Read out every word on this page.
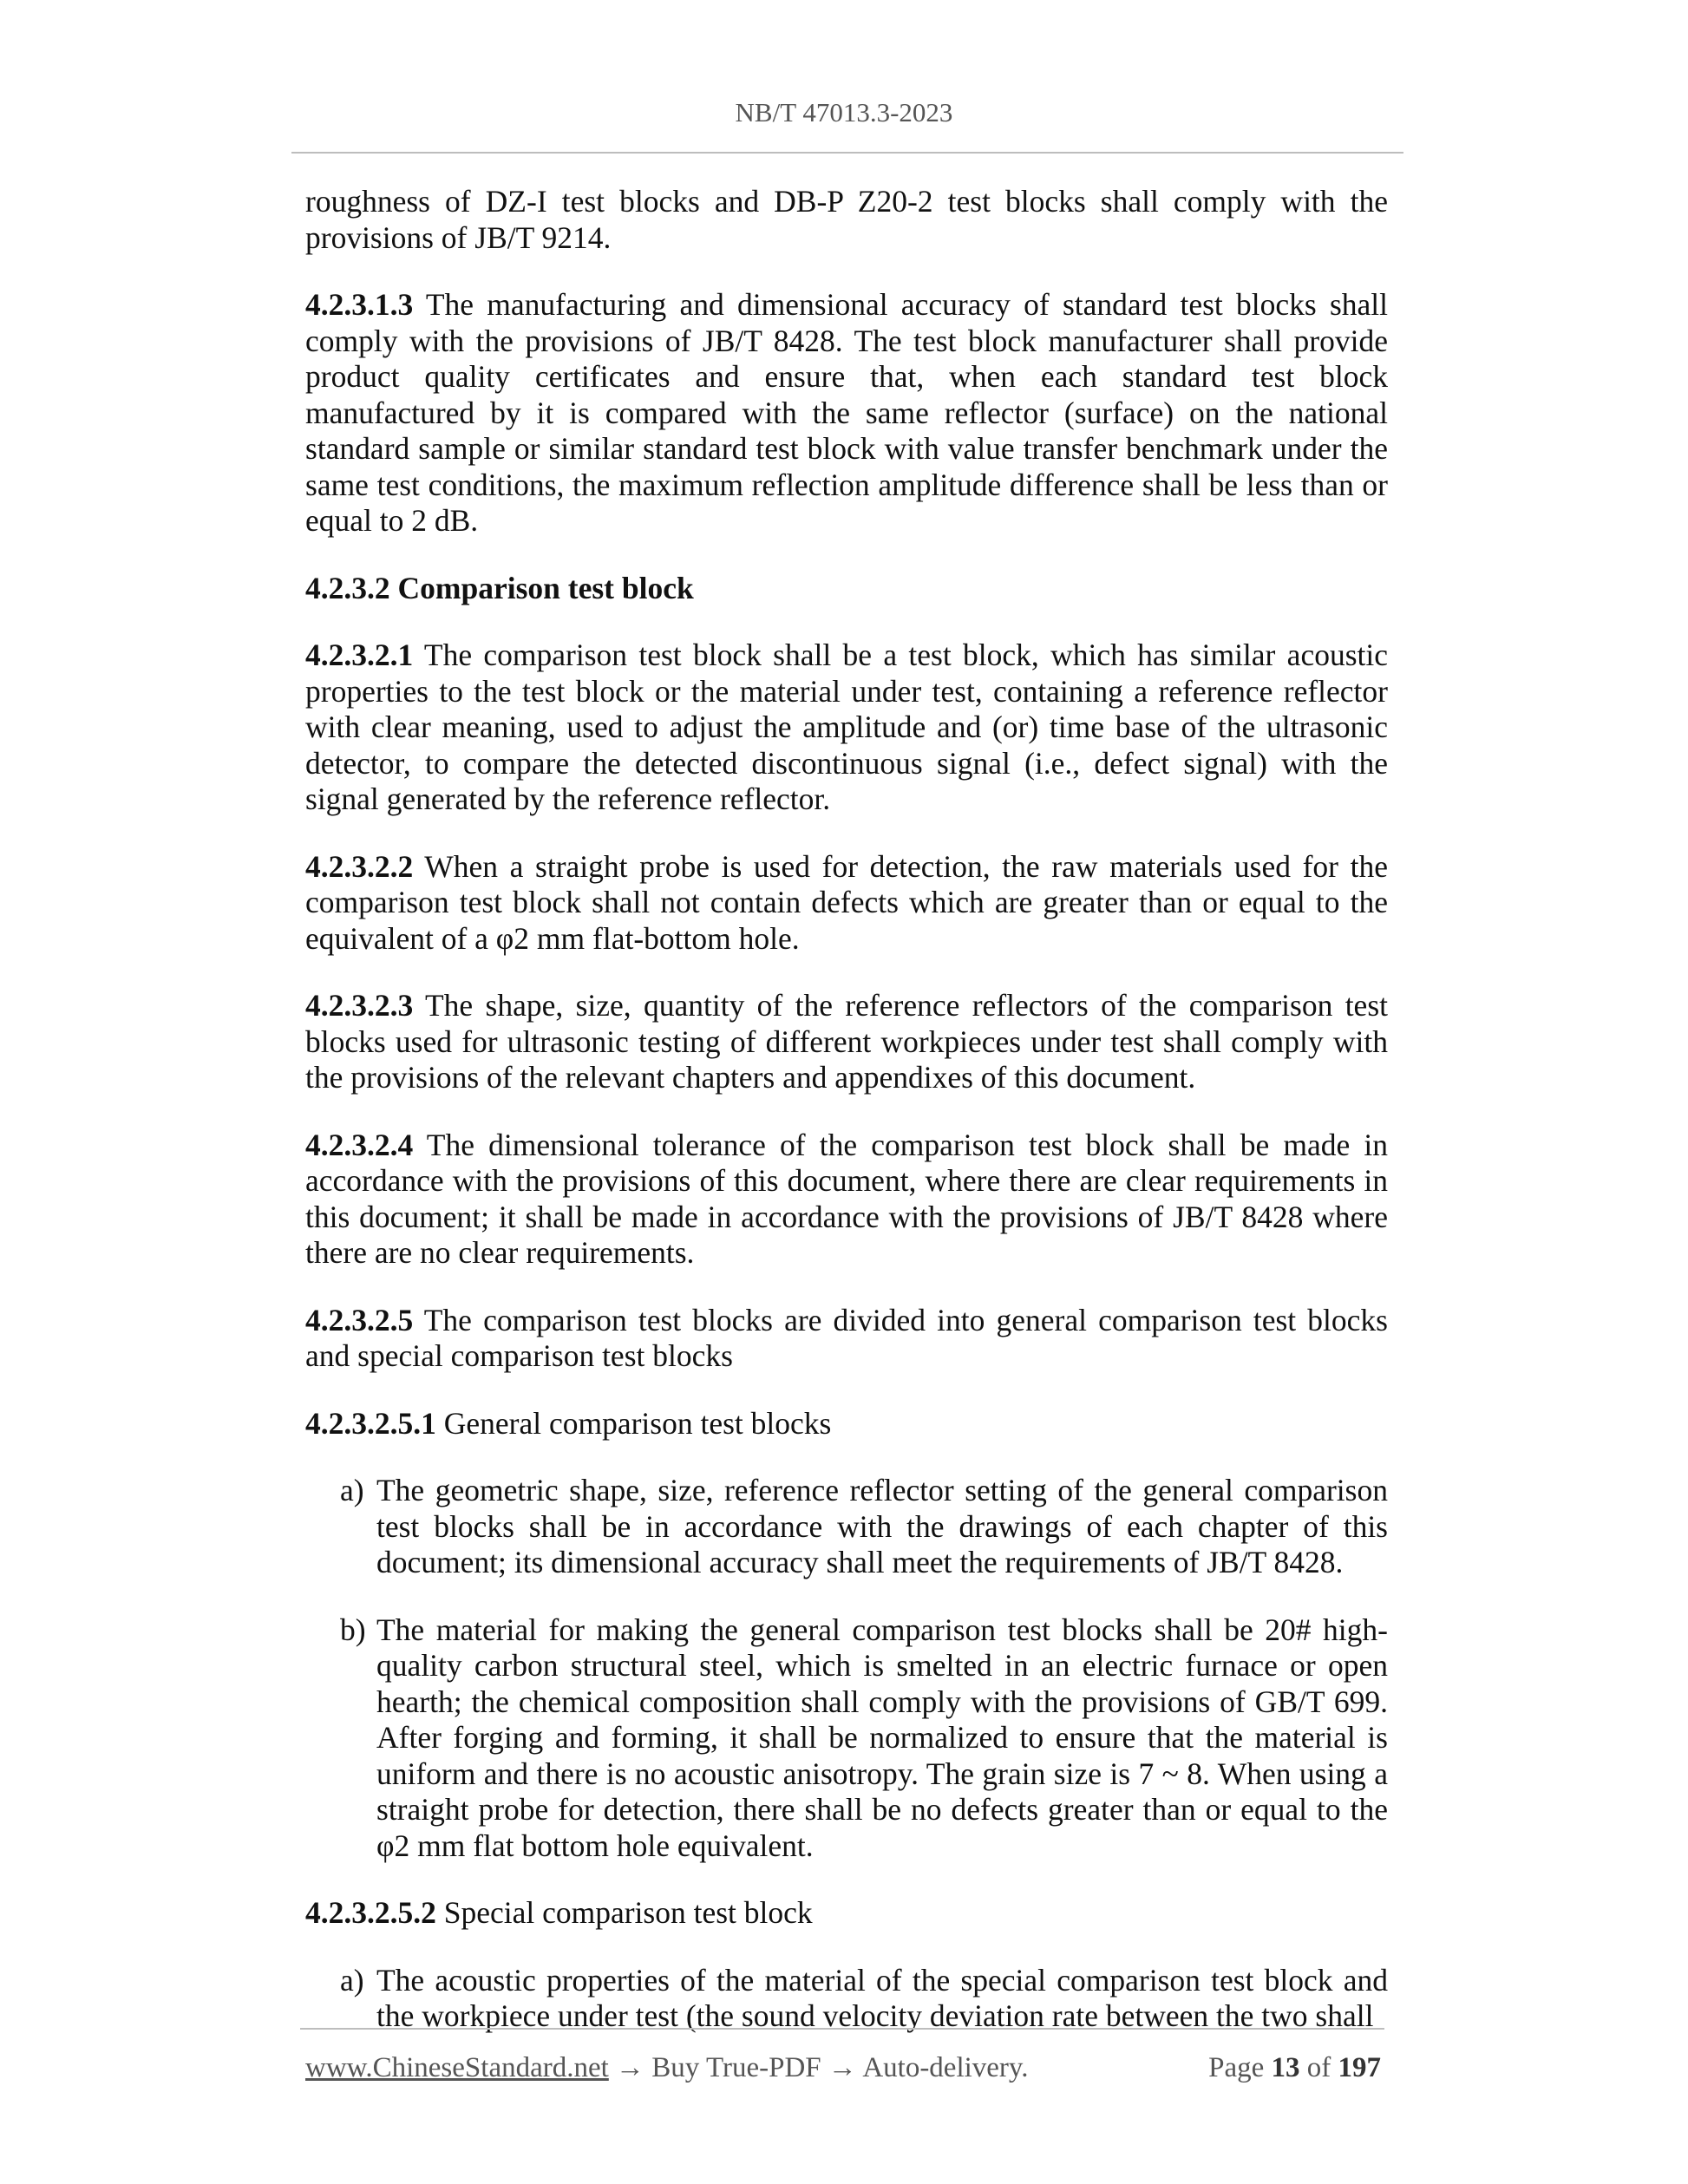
NB/T 47013.3-2023

roughness of DZ-I test blocks and DB-P Z20-2 test blocks shall comply with the provisions of JB/T 9214.

4.2.3.1.3 The manufacturing and dimensional accuracy of standard test blocks shall comply with the provisions of JB/T 8428. The test block manufacturer shall provide product quality certificates and ensure that, when each standard test block manufactured by it is compared with the same reflector (surface) on the national standard sample or similar standard test block with value transfer benchmark under the same test conditions, the maximum reflection amplitude difference shall be less than or equal to 2 dB.

4.2.3.2 Comparison test block

4.2.3.2.1 The comparison test block shall be a test block, which has similar acoustic properties to the test block or the material under test, containing a reference reflector with clear meaning, used to adjust the amplitude and (or) time base of the ultrasonic detector, to compare the detected discontinuous signal (i.e., defect signal) with the signal generated by the reference reflector.

4.2.3.2.2 When a straight probe is used for detection, the raw materials used for the comparison test block shall not contain defects which are greater than or equal to the equivalent of a φ2 mm flat-bottom hole.

4.2.3.2.3 The shape, size, quantity of the reference reflectors of the comparison test blocks used for ultrasonic testing of different workpieces under test shall comply with the provisions of the relevant chapters and appendixes of this document.

4.2.3.2.4 The dimensional tolerance of the comparison test block shall be made in accordance with the provisions of this document, where there are clear requirements in this document; it shall be made in accordance with the provisions of JB/T 8428 where there are no clear requirements.

4.2.3.2.5 The comparison test blocks are divided into general comparison test blocks and special comparison test blocks

4.2.3.2.5.1 General comparison test blocks

a) The geometric shape, size, reference reflector setting of the general comparison test blocks shall be in accordance with the drawings of each chapter of this document; its dimensional accuracy shall meet the requirements of JB/T 8428.
b) The material for making the general comparison test blocks shall be 20# high-quality carbon structural steel, which is smelted in an electric furnace or open hearth; the chemical composition shall comply with the provisions of GB/T 699. After forging and forming, it shall be normalized to ensure that the material is uniform and there is no acoustic anisotropy. The grain size is 7 ~ 8. When using a straight probe for detection, there shall be no defects greater than or equal to the φ2 mm flat bottom hole equivalent.

4.2.3.2.5.2 Special comparison test block

a) The acoustic properties of the material of the special comparison test block and the workpiece under test (the sound velocity deviation rate between the two shall
www.ChineseStandard.net → Buy True-PDF → Auto-delivery.	Page 13 of 197
